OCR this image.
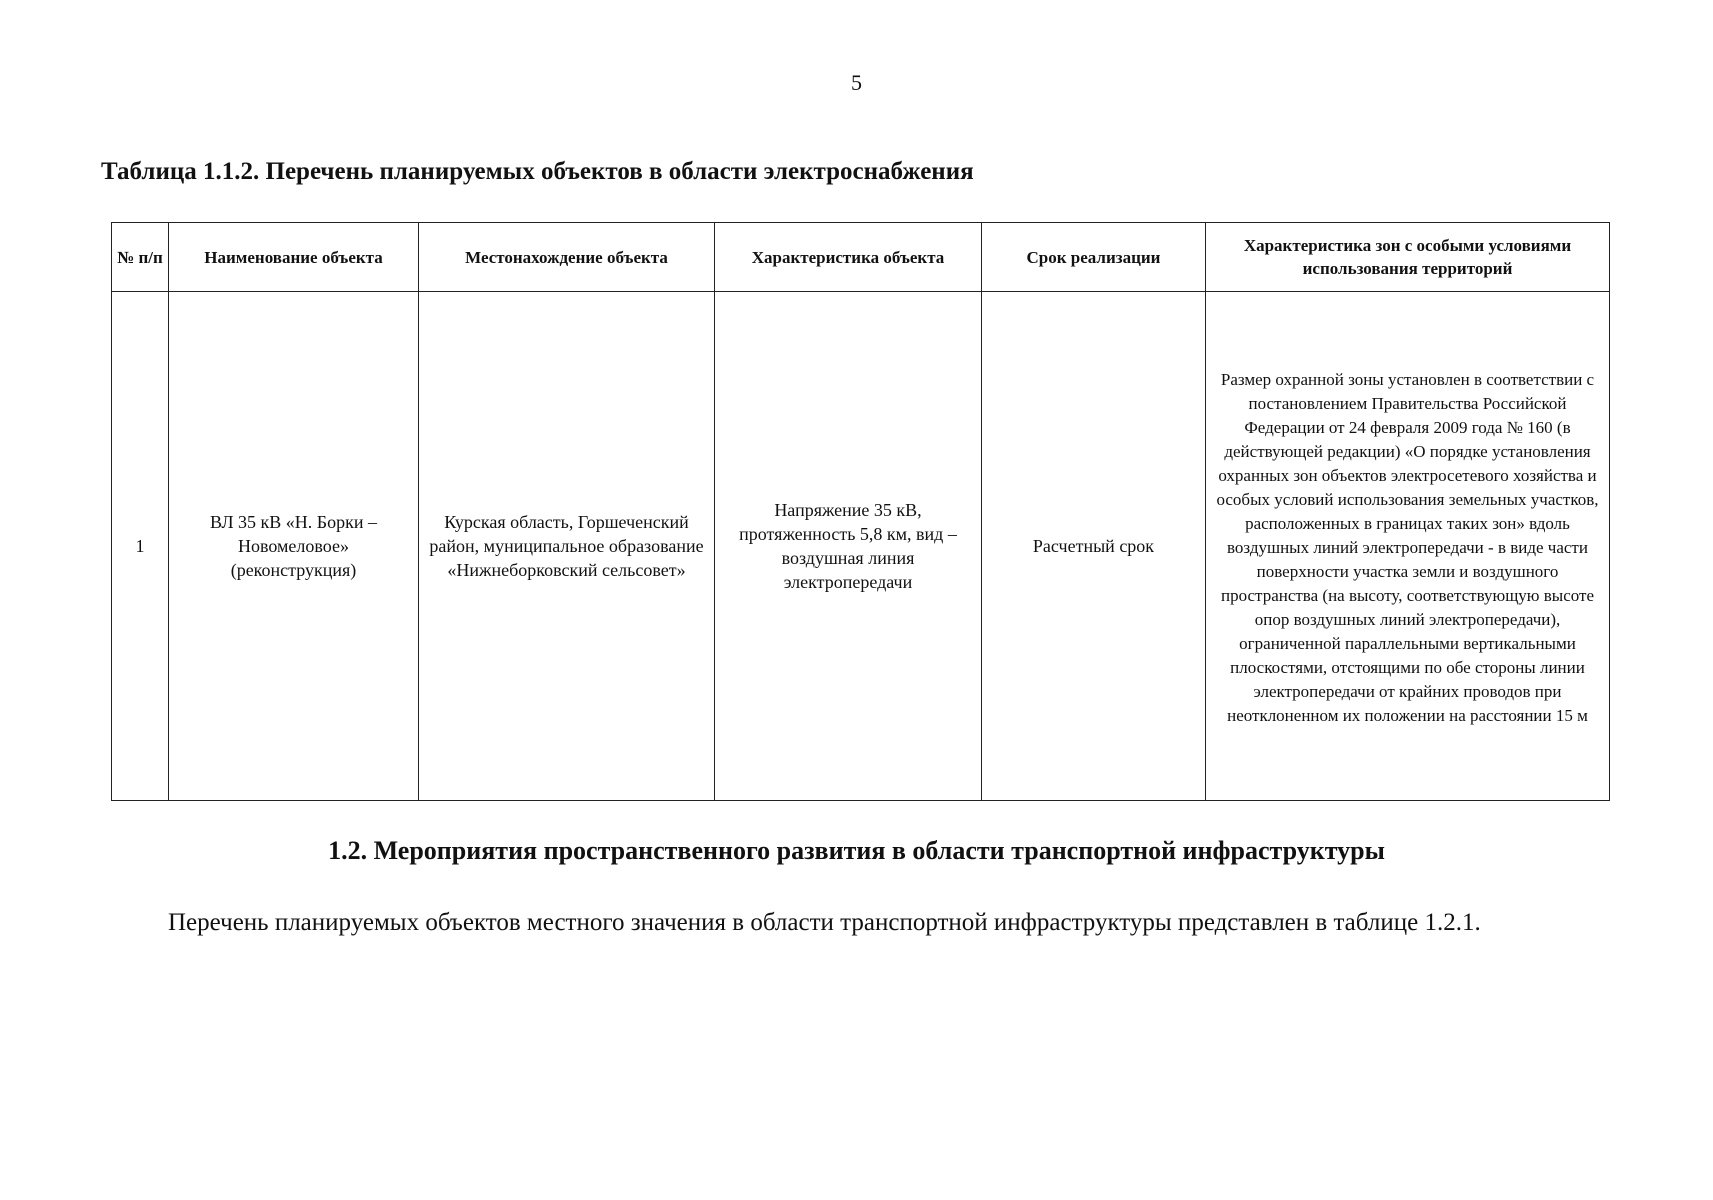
5
Таблица 1.1.2. Перечень планируемых объектов в области электроснабжения
№ п/п	Наименование объекта	Местонахождение объекта	Характеристика объекта	Срок реализации	Характеристика зон с особыми условиями использования территорий
1	ВЛ 35 кВ «Н. Борки – Новомеловое» (реконструкция)	Курская область, Горшеченский район, муниципальное образование «Нижнеборковский сельсовет»	Напряжение 35 кВ, протяженность 5,8 км, вид – воздушная линия электропередачи	Расчетный срок	Размер охранной зоны установлен в соответствии с постановлением Правительства Российской Федерации от 24 февраля 2009 года № 160 (в действующей редакции) «О порядке установления охранных зон объектов электросетевого хозяйства и особых условий использования земельных участков, расположенных в границах таких зон» вдоль воздушных линий электропередачи - в виде части поверхности участка земли и воздушного пространства (на высоту, соответствующую высоте опор воздушных линий электропередачи), ограниченной параллельными вертикальными плоскостями, отстоящими по обе стороны линии электропередачи от крайних проводов при неотклоненном их положении на расстоянии 15 м
1.2. Мероприятия пространственного развития в области транспортной инфраструктуры
Перечень планируемых объектов местного значения в области транспортной инфраструктуры представлен в таблице 1.2.1.
